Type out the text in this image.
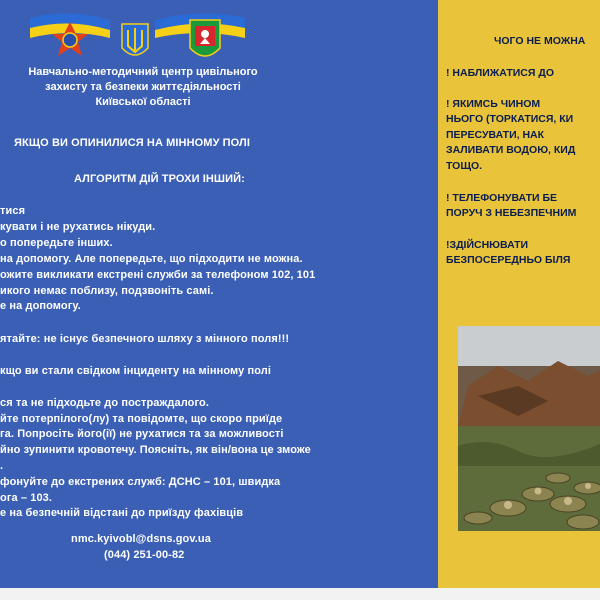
Навчально-методичний центр цивільного
захисту та безпеки життєдіяльності
Київської області
ЯКЩО ВИ ОПИНИЛИСЯ НА МІННОМУ ПОЛІ
АЛГОРИТМ ДІЙ ТРОХИ ІНШИЙ:
тися
кувати і не рухатись нікуди.
о попередьте інших.
на допомогу. Але попередьте, що підходити не можна.
ожите викликати екстрені служби за телефоном 102, 101
икого немає поблизу, подзвоніть самі.
е на допомогу.
ятайте: не існує безпечного шляху з мінного поля!!!
кщо ви стали свідком інциденту на мінному полі
ся та не підходьте до постраждалого.
йте потерпілого(лу) та повідомте, що скоро приїде
га. Попросіть його(ії) не рухатися та за можливості
йно зупинити кровотечу. Поясніть, як він/вона це зможе
.
фонуйте до екстрених служб: ДСНС – 101, швидка
ога – 103.
е на безпечній відстані до приїзду фахівців
nmc.kyivobl@dsns.gov.ua
(044) 251-00-82
ЧОГО НЕ МОЖНА
! НАБЛИЖАТИСЯ ДО
! ЯКИМСЬ ЧИНОМ
НЬОГО (ТОРКАТИСЯ, КИ
ПЕРЕСУВАТИ, НАК
ЗАЛИВАТИ ВОДОЮ, КИД
ТОЩО.
! ТЕЛЕФОНУВАТИ БЕ
ПОРУЧ З НЕБЕЗПЕЧНИМ
!ЗДІЙСНЮВАТИ
БЕЗПОСЕРЕДНЬО БІЛЯ
